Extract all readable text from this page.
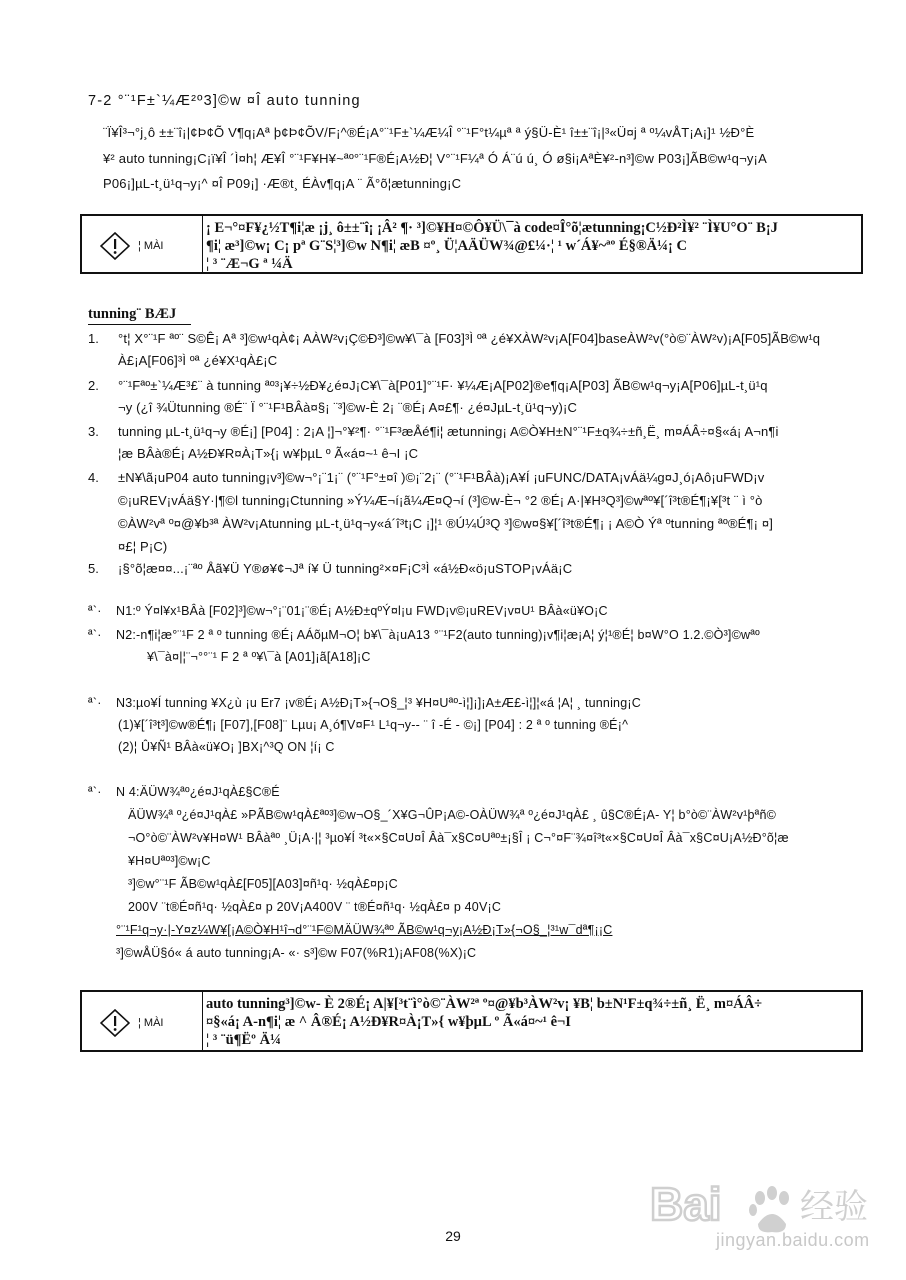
7-2 °¨¹F±`¼Æ²º3]©w ¤Î auto tunning
¨Ï¥Î³¬°j¸ô ±±¨î¡|¢Þ¢Õ V¶q¡Aª þ¢Þ¢ÕV/F¡^®É¡A°¨¹F±`¼Æ¼Î °¨¹F°t¼µª ª ý§Ü-È¹ î±±¨î¡|³«Ü¤j ª º¼vÅT¡A¡]¹ ½Ð°È
¥² auto tunning¡C¡ï¥Î ´Ì¤h¦ Æ¥Î °¨¹F¥H¥~ªº°¨¹F®É¡A½Ð¦ V°¨¹F¼ª Ó Á¨ú ú¸ Ó ø§i¡AªÈ¥²-n³]©w P03¡]ÃB©w¹q¬y¡A
P06¡]µL-t¸ü¹q¬y¡^ ¤Î P09¡] ·Æ®t¸ ÉÀv¶q¡A ¨ Ã°õ¦ætunning¡C
¦ MÀI
¡ E¬°¤F¥¿½T¶i¦æ ¡j¸ ô±±¨î¡ ¡Â² ¶· ³]©¥H¤©Ô¥Ü\¯à code¤Î°õ¦ætunning¡C½Ð²Ì¥² ¨Ì¥U°O¨ B¡J
¶i¦ æ³]©w¡ C¡ pª G¨S¦³]©w N¶i¦ æB ¤º¸ Ü¦AÄÜW¾@£¼·¦ ¹ w´Á¥~ªº É§®Ä¼¡ C
¦ ³ ¨Æ¬G ª ¼Ä
tunning¨ BÆJ
1. °t¦ X°¨¹F ªº¨ S©Ê¡ Aª ³]©w¹qÀ¢¡ AÀW²v¡Ç©Ð³]©w¥\¯à [F03]³Ì ºª ¿é¥XÀW²v¡A[F04]baseÀW²v(°ò©¨ÀW²v)¡A[F05]ÃB©w¹q
À£¡A[F06]³Ì ºª ¿é¥X¹qÀ£¡C
2. °¨¹Fªº±`¼Æ³£¨ à tunning ªº³¡¥÷½Ð¥¿é¤J¡C¥\¯à[P01]°¨¹F· ¥¼Æ¡A[P02]®e¶q¡A[P03] ÃB©w¹q¬y¡A[P06]µL-t¸ü¹q
¬y (¿î ¾Ütunning ®É¨ Ï °¨¹F¹BÂà¤§¡ ¨³]©w-È 2¡ ¨®É¡ A¤£¶· ¿é¤JµL-t¸ü¹q¬y)¡C
3. tunning µL-t¸ü¹q¬y ®É¡] [P04] : 2¡A ¦]¬°¥²¶· °¨¹F³æÅé¶i¦ ætunning¡ A©Ò¥H±N°¨¹F±q¾÷±ñ¸Ë¸ m¤ÁÂ÷¤§«á¡ A¬n¶i
¦æ BÂà®É¡ A½Ð¥R¤À¡T»{¡ w¥þµL º Ã«á¤~¹ ê¬I ¡C
4. ±N¥\ã¡uP04 auto tunning¡v³]©w¬°¡¨1¡¨ (°¨¹F°±¤î )©¡¨2¡¨ (°¨¹F¹BÂà)¡A¥Í ¡uFUNC/DATA¡vÁä¼g¤J¸ó¡Aô¡uFWD¡v
©¡uREV¡vÁä§Y·|¶©l tunning¡Ctunning »Ý¼Æ¬í¡ã¼Æ¤Q¬í (³]©w-È¬ °2 ®É¡ A·|¥H³Q³]©wªº¥[´î³t®É¶¡¥[³t ¨ ì °ò
©ÀW²vª º¤@¥b³ª ÀW²v¡Atunning µL-t¸ü¹q¬y«á´î³t¡C ¡]¦¹ ®Ú¼Ú³Q ³]©w¤§¥[´î³t®É¶¡ ¡ A©Ò Ýª ºtunning ªº®É¶¡ ¤]
¤£¦ P¡C)
5. ¡§°õ¦æ¤¤...¡¨ªº Åã¥Ü Y®ø¥¢¬Jª í¥ Ü tunning²×¤F¡C³Ì «á½Ð«ö¡uSTOP¡vÁä¡C
ª`· N1:º Ý¤l¥x¹BÂà [F02]³]©w¬°¡¨01¡¨®É¡ A½Ð±qºÝ¤l¡u FWD¡v©¡uREV¡v¤U¹ BÂà«ü¥O¡C
ª`· N2:-n¶i¦æ°¨¹F 2 ª º tunning ®É¡ AÁõµM¬O¦ b¥\¯à¡uA13 °¨¹F2(auto tunning)¡v¶i¦æ¡A¦ ý¦¹®É¦ b¤W°O 1.2.©Ò³]©wªº
¥\¯à¤|¦¨¬°°¨¹ F 2 ª º¥\¯à [A01]¡ã[A18]¡C
ª`· N3:µo¥Í tunning ¥X¿ù ¡u Er7 ¡v®É¡ A½Ð¡T»{¬O§_¦³ ¥H¤Uªº-ì¦]¡]¡A±Æ£-ì¦]¦«á ¦A¦ ¸ tunning¡C
(1)¥[´î³t³]©w®É¶¡ [F07],[F08]¨ Lµu¡ A¸ó¶V¤F¹ L¹q¬y-- ¨ î -É - ©¡] [P04] : 2 ª º tunning ®É¡^
(2)¦ Û¥Ñ¹ BÂà«ü¥O¡ ]BX¡^³Q ON ¦í¡ C
ª`· N 4:ÄÜW¾ªº¿é¤J¹qÀ£§C®É
ÄÜW¾ª º¿é¤J¹qÀ£ »PÃB©w¹qÀ£ªº³]©w¬O§_´X¥G¬ÛP¡A©-OÀÜW¾ª º¿é¤J¹qÀ£ ¸ û§C®É¡A- Y¦ b°ò©¨ÀW²v¹þªñ©
¬O°ò©¨ÀW²v¥H¤W¹ BÂàªº ¸Ü¡A·|¦ ³µo¥Í ³t«×§C¤U¤Î Âà¯x§C¤Uªº±¡§Î ¡ C¬°¤F¨¾¤î³t«×§C¤U¤Î Âà¯x§C¤U¡A½Ð°õ¦æ
¥H¤Uªº³]©w¡C
³]©w°¨¹F ÃB©w¹qÀ£[F05][A03]¤ñ¹q· ½qÀ£¤p¡C
200V ¨t®É¤ñ¹q· ½qÀ£¤ p 20V¡A400V ¨ t®É¤ñ¹q· ½qÀ£¤ p 40V¡C
°¨¹F¹q¬y·|-Y¤z¼W¥[¡A©Ò¥H¹î¬d°¨¹F©MÄÜW¾ªº ÃB©w¹q¬y¡A½Ð¡T»{¬O§_¦³¹w¯dª¶¡¡C
³]©wÅÜ§ó« á auto tunning¡A- «· s³]©w F07(%R1)¡AF08(%X)¡C
¦ MÀI
auto tunning³]©w- È 2®É¡ A|¥[³t¨ì°ò©¨ÀW²ª º¤@¥b³ÀW²v¡ ¥B¦ b±N¹F±q¾÷±ñ¸ Ë¸ m¤ÁÂ÷
¤§«á¡ A-n¶i¦ æ ^ Â®É¡ A½Ð¥R¤À¡T»{ w¥þµL º Ã«á¤~¹ ê¬I
¦ ³ ¨ü¶Ëº Ä¼
29
Bai 经验
jingyan.baidu.com
